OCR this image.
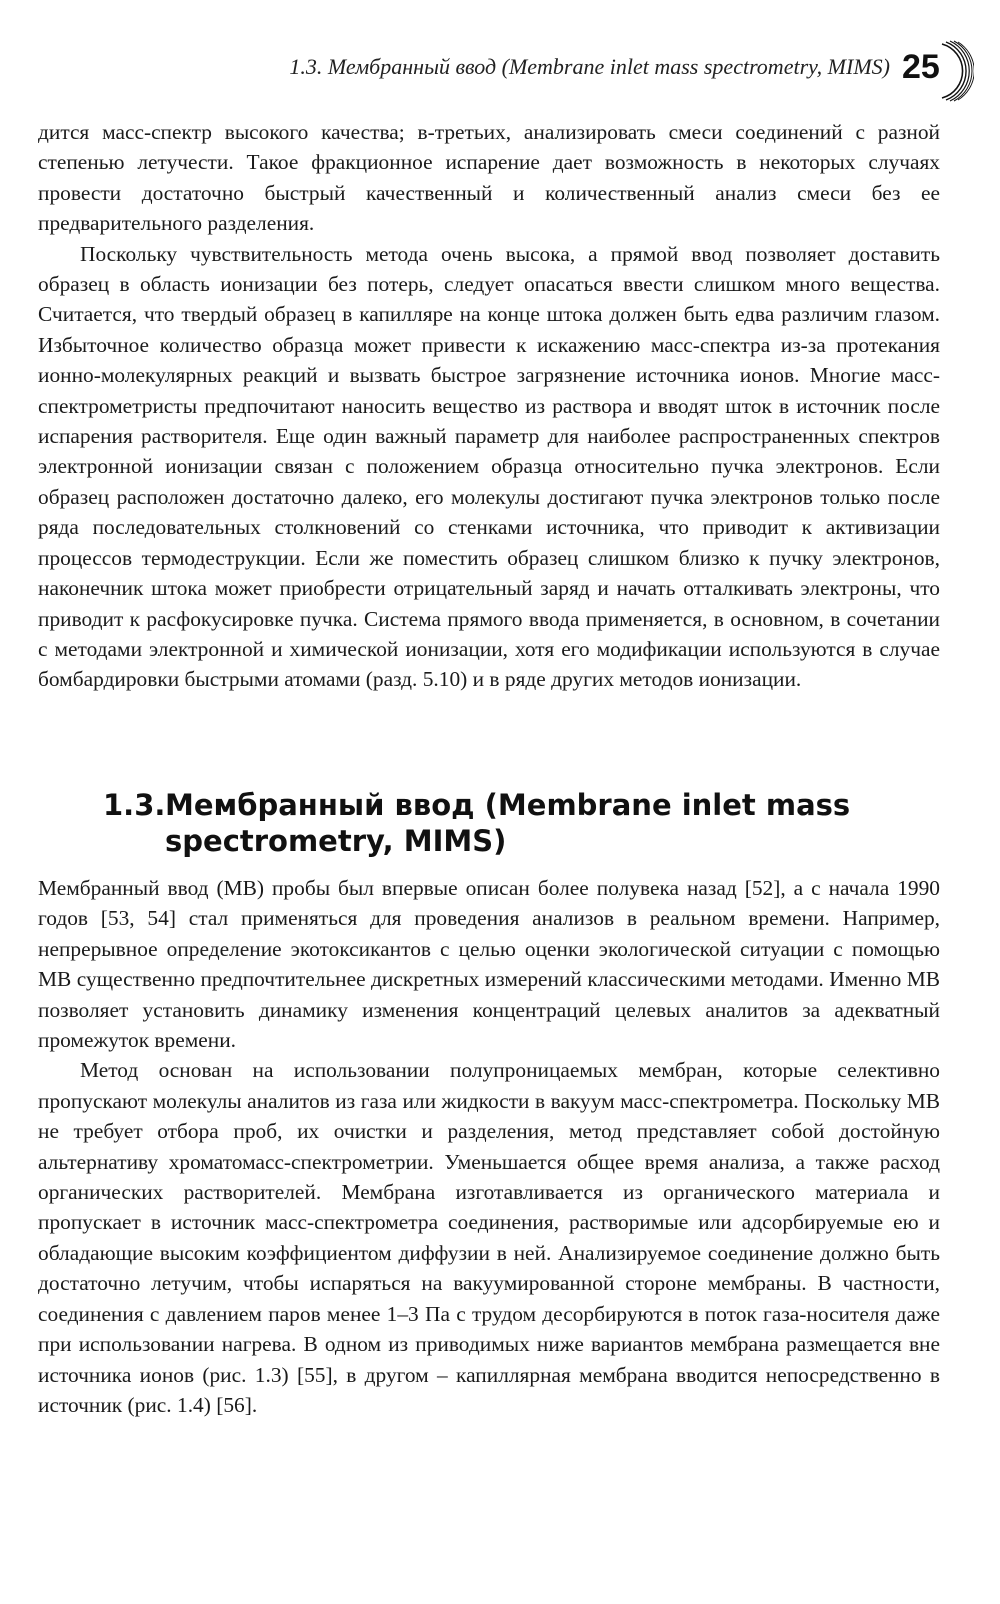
1.3. Мембранный ввод (Membrane inlet mass spectrometry, MIMS) 25

дится масс-спектр высокого качества; в-третьих, анализировать смеси соединений с разной степенью летучести. Такое фракционное испарение дает возможность в некоторых случаях провести достаточно быстрый качественный и количественный анализ смеси без ее предварительного разделения.

Поскольку чувствительность метода очень высока, а прямой ввод позволяет доставить образец в область ионизации без потерь, следует опасаться ввести слишком много вещества. Считается, что твердый образец в капилляре на конце штока должен быть едва различим глазом. Избыточное количество образца может привести к искажению масс-спектра из-за протекания ионно-молекулярных реакций и вызвать быстрое загрязнение источника ионов. Многие масс-спектрометристы предпочитают наносить вещество из раствора и вводят шток в источник после испарения растворителя. Еще один важный параметр для наиболее распространенных спектров электронной ионизации связан с положением образца относительно пучка электронов. Если образец расположен достаточно далеко, его молекулы достигают пучка электронов только после ряда последовательных столкновений со стенками источника, что приводит к активизации процессов термодеструкции. Если же поместить образец слишком близко к пучку электронов, наконечник штока может приобрести отрицательный заряд и начать отталкивать электроны, что приводит к расфокусировке пучка. Система прямого ввода применяется, в основном, в сочетании с методами электронной и химической ионизации, хотя его модификации используются в случае бомбардировки быстрыми атомами (разд. 5.10) и в ряде других методов ионизации.

1.3.Мембранный ввод (Membrane inlet mass
spectrometry, MIMS)

Мембранный ввод (МВ) пробы был впервые описан более полувека назад [52], а с начала 1990 годов [53, 54] стал применяться для проведения анализов в реальном времени. Например, непрерывное определение экотоксикантов с целью оценки экологической ситуации с помощью МВ существенно предпочтительнее дискретных измерений классическими методами. Именно МВ позволяет установить динамику изменения концентраций целевых аналитов за адекватный промежуток времени.

Метод основан на использовании полупроницаемых мембран, которые селективно пропускают молекулы аналитов из газа или жидкости в вакуум масс-спектрометра. Поскольку МВ не требует отбора проб, их очистки и разделения, метод представляет собой достойную альтернативу хроматомасс-спектрометрии. Уменьшается общее время анализа, а также расход органических растворителей. Мембрана изготавливается из органического материала и пропускает в источник масс-спектрометра соединения, растворимые или адсорбируемые ею и обладающие высоким коэффициентом диффузии в ней. Анализируемое соединение должно быть достаточно летучим, чтобы испаряться на вакуумированной стороне мембраны. В частности, соединения с давлением паров менее 1–3 Па с трудом десорбируются в поток газа-носителя даже при использовании нагрева. В одном из приводимых ниже вариантов мембрана размещается вне источника ионов (рис. 1.3) [55], в другом – капиллярная мембрана вводится непосредственно в источник (рис. 1.4) [56].
